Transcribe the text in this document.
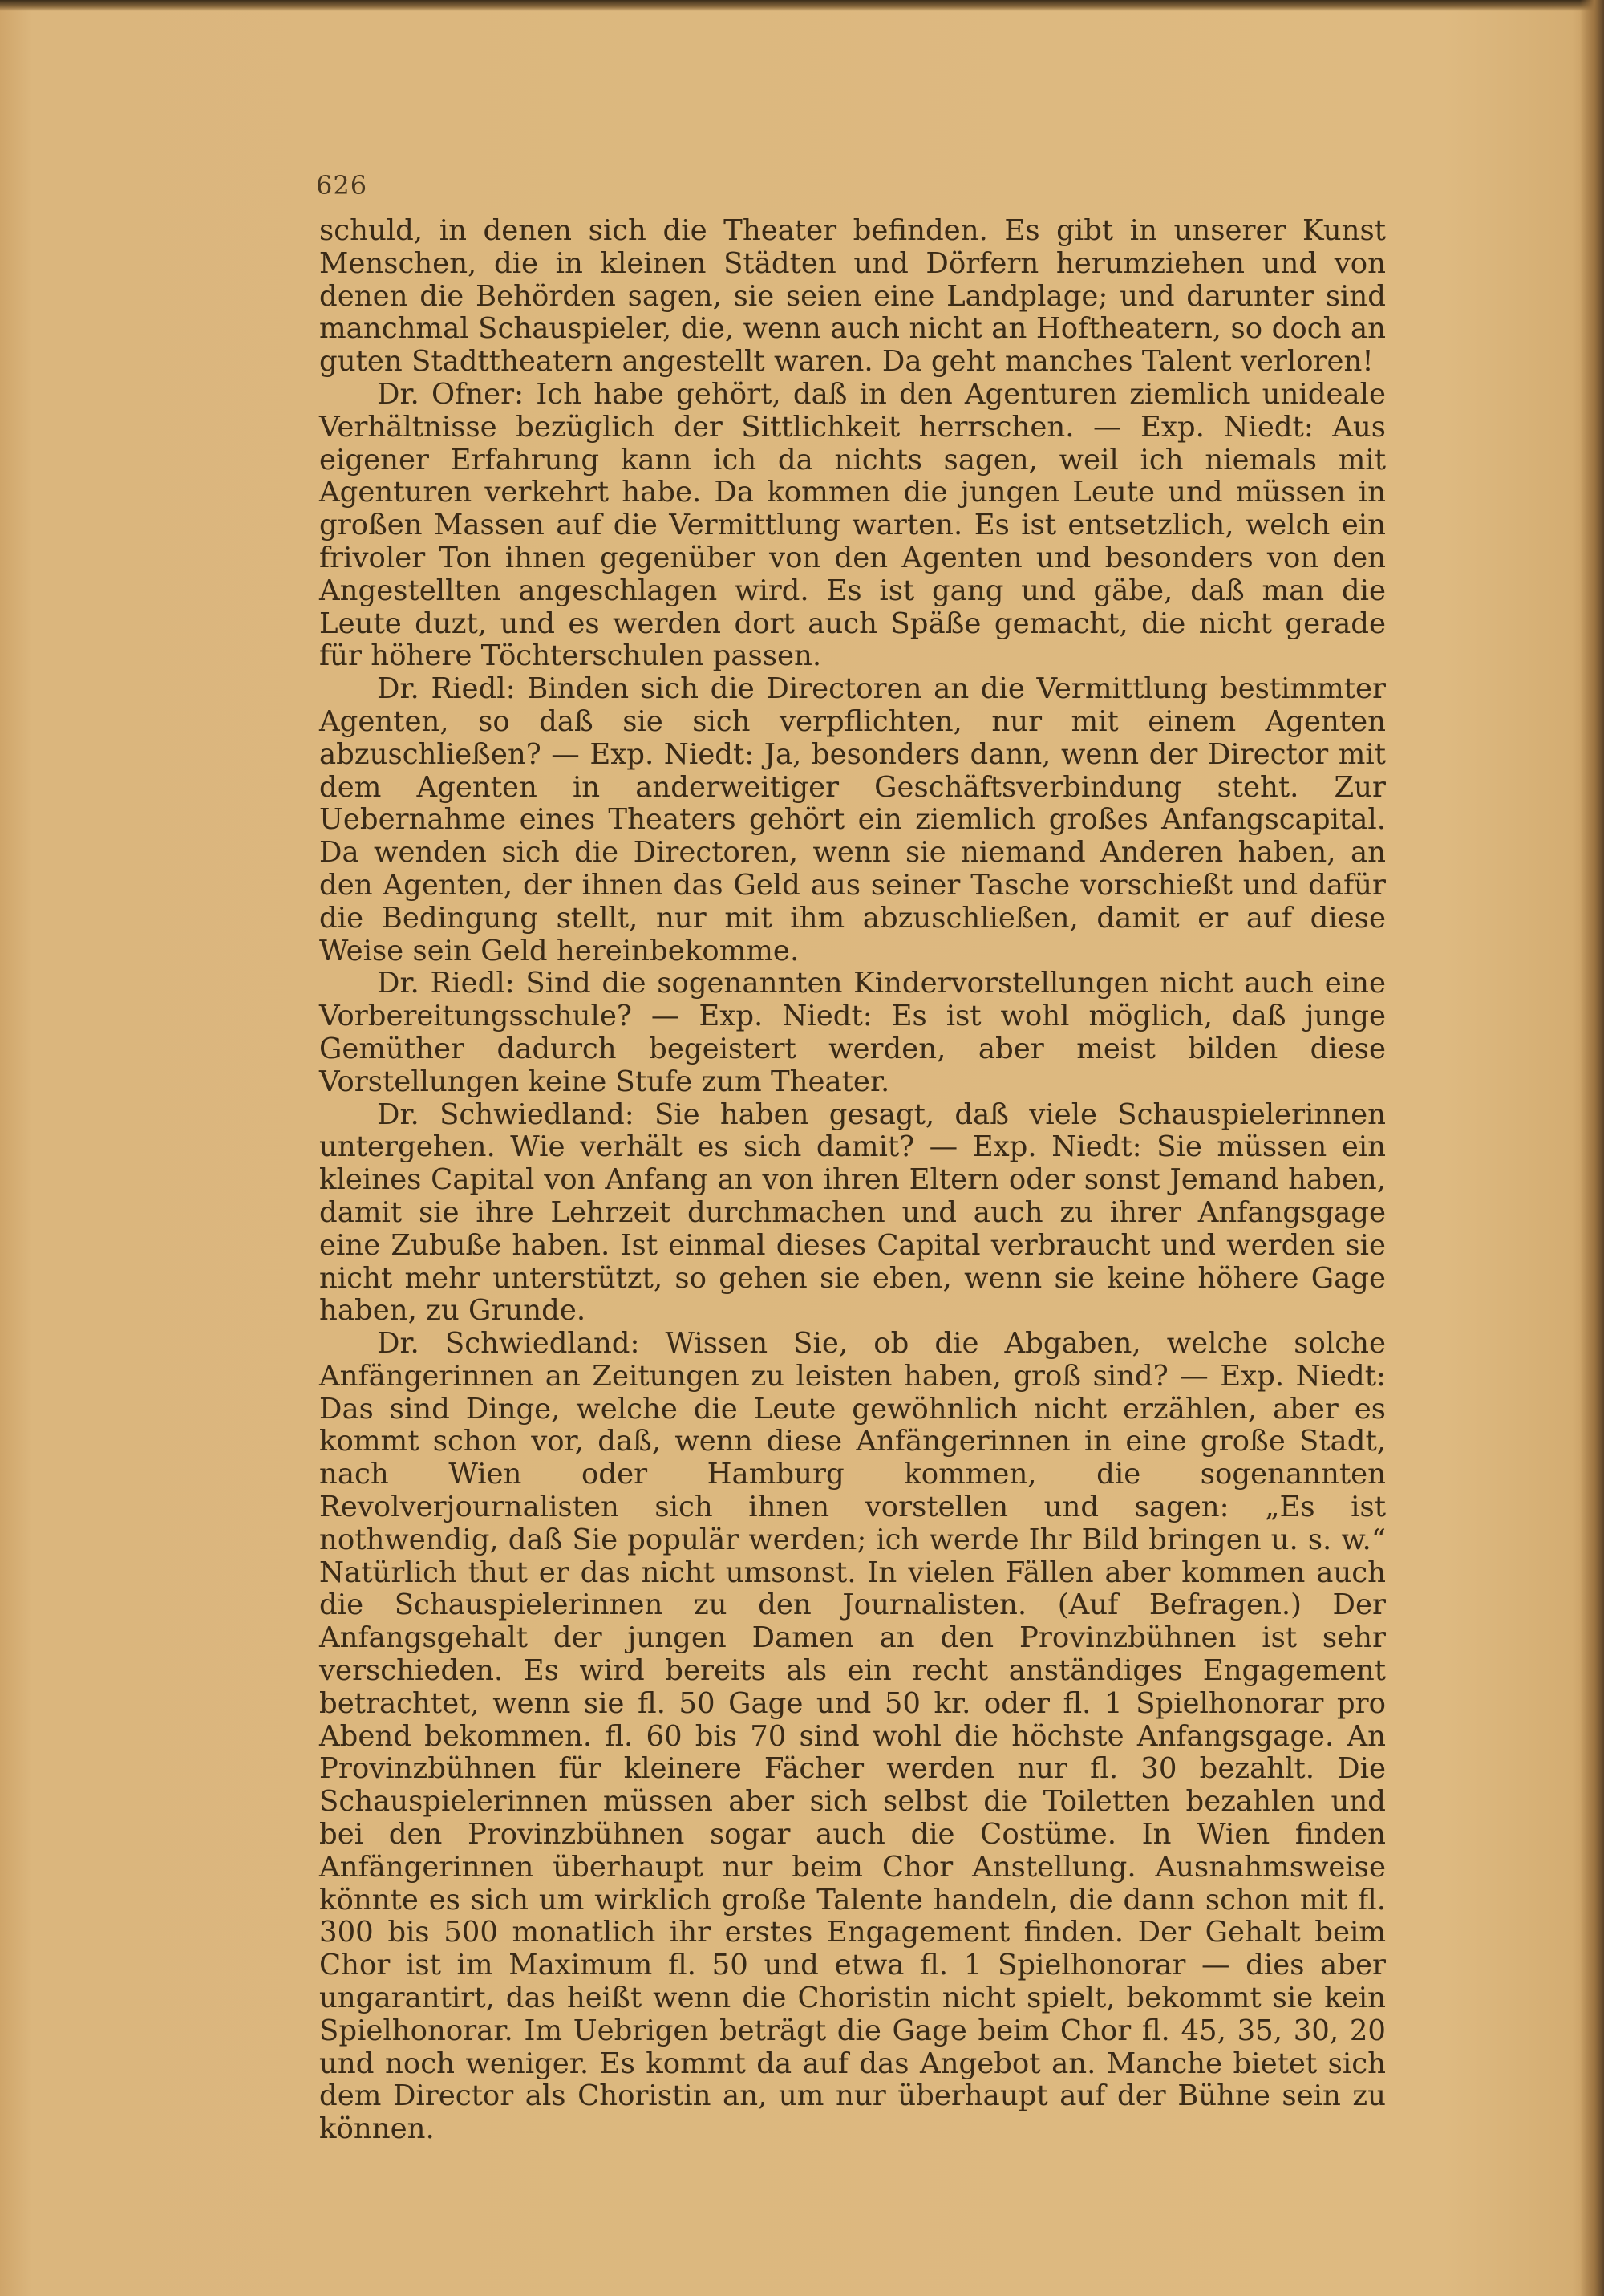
626

schuld, in denen sich die Theater befinden. Es gibt in unserer Kunst Menschen, die in kleinen Städten und Dörfern herumziehen und von denen die Behörden sagen, sie seien eine Landplage; und darunter sind manchmal Schauspieler, die, wenn auch nicht an Hoftheatern, so doch an guten Stadttheatern angestellt waren. Da geht manches Talent verloren!

Dr. Ofner: Ich habe gehört, daß in den Agenturen ziemlich unideale Verhältnisse bezüglich der Sittlichkeit herrschen. — Exp. Niedt: Aus eigener Erfahrung kann ich da nichts sagen, weil ich niemals mit Agenturen verkehrt habe. Da kommen die jungen Leute und müssen in großen Massen auf die Vermittlung warten. Es ist entsetzlich, welch ein frivoler Ton ihnen gegenüber von den Agenten und besonders von den Angestellten angeschlagen wird. Es ist gang und gäbe, daß man die Leute duzt, und es werden dort auch Späße gemacht, die nicht gerade für höhere Töchterschulen passen.

Dr. Riedl: Binden sich die Directoren an die Vermittlung bestimmter Agenten, so daß sie sich verpflichten, nur mit einem Agenten abzuschließen? — Exp. Niedt: Ja, besonders dann, wenn der Director mit dem Agenten in anderweitiger Geschäftsverbindung steht. Zur Uebernahme eines Theaters gehört ein ziemlich großes Anfangscapital. Da wenden sich die Directoren, wenn sie niemand Anderen haben, an den Agenten, der ihnen das Geld aus seiner Tasche vorschießt und dafür die Bedingung stellt, nur mit ihm abzuschließen, damit er auf diese Weise sein Geld hereinbekomme.

Dr. Riedl: Sind die sogenannten Kindervorstellungen nicht auch eine Vorbereitungsschule? — Exp. Niedt: Es ist wohl möglich, daß junge Gemüther dadurch begeistert werden, aber meist bilden diese Vorstellungen keine Stufe zum Theater.

Dr. Schwiedland: Sie haben gesagt, daß viele Schauspielerinnen untergehen. Wie verhält es sich damit? — Exp. Niedt: Sie müssen ein kleines Capital von Anfang an von ihren Eltern oder sonst Jemand haben, damit sie ihre Lehrzeit durchmachen und auch zu ihrer Anfangsgage eine Zubuße haben. Ist einmal dieses Capital verbraucht und werden sie nicht mehr unterstützt, so gehen sie eben, wenn sie keine höhere Gage haben, zu Grunde.

Dr. Schwiedland: Wissen Sie, ob die Abgaben, welche solche Anfängerinnen an Zeitungen zu leisten haben, groß sind? — Exp. Niedt: Das sind Dinge, welche die Leute gewöhnlich nicht erzählen, aber es kommt schon vor, daß, wenn diese Anfängerinnen in eine große Stadt, nach Wien oder Hamburg kommen, die sogenannten Revolverjournalisten sich ihnen vorstellen und sagen: „Es ist nothwendig, daß Sie populär werden; ich werde Ihr Bild bringen u. s. w.“ Natürlich thut er das nicht umsonst. In vielen Fällen aber kommen auch die Schauspielerinnen zu den Journalisten. (Auf Befragen.) Der Anfangsgehalt der jungen Damen an den Provinzbühnen ist sehr verschieden. Es wird bereits als ein recht anständiges Engagement betrachtet, wenn sie fl. 50 Gage und 50 kr. oder fl. 1 Spielhonorar pro Abend bekommen. fl. 60 bis 70 sind wohl die höchste Anfangsgage. An Provinzbühnen für kleinere Fächer werden nur fl. 30 bezahlt. Die Schauspielerinnen müssen aber sich selbst die Toiletten bezahlen und bei den Provinzbühnen sogar auch die Costüme. In Wien finden Anfängerinnen überhaupt nur beim Chor Anstellung. Ausnahmsweise könnte es sich um wirklich große Talente handeln, die dann schon mit fl. 300 bis 500 monatlich ihr erstes Engagement finden. Der Gehalt beim Chor ist im Maximum fl. 50 und etwa fl. 1 Spielhonorar — dies aber ungarantirt, das heißt wenn die Choristin nicht spielt, bekommt sie kein Spielhonorar. Im Uebrigen beträgt die Gage beim Chor fl. 45, 35, 30, 20 und noch weniger. Es kommt da auf das Angebot an. Manche bietet sich dem Director als Choristin an, um nur überhaupt auf der Bühne sein zu können.
